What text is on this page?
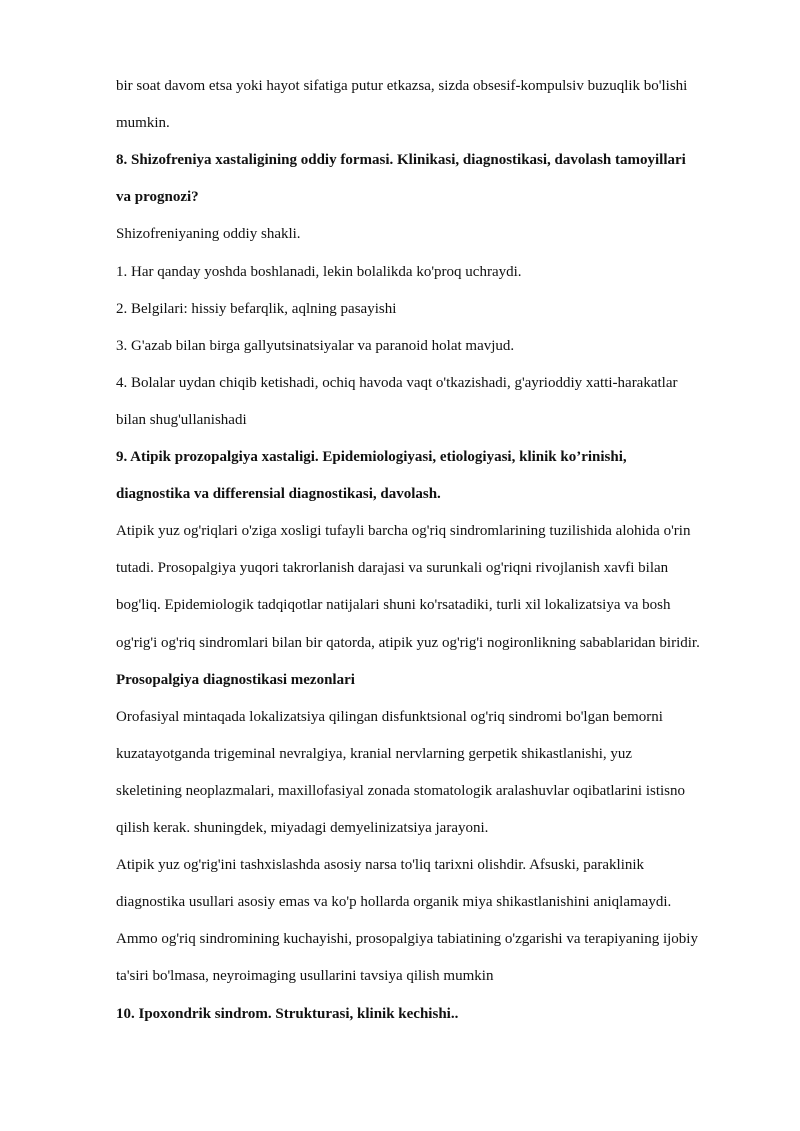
bir soat davom etsa yoki hayot sifatiga putur etkazsa, sizda obsesif-kompulsiv buzuqlik bo'lishi

mumkin.

8. Shizofreniya xastaligining oddiy formasi. Klinikasi, diagnostikasi, davolash tamoyillari

va prognozi?

Shizofreniyaning oddiy shakli.

1. Har qanday yoshda boshlanadi, lekin bolalikda ko'proq uchraydi.

2. Belgilari: hissiy befarqlik, aqlning pasayishi

3. G'azab bilan birga gallyutsinatsiyalar va paranoid holat mavjud.

4. Bolalar uydan chiqib ketishadi, ochiq havoda vaqt o'tkazishadi, g'ayrioddiy xatti-harakatlar

bilan shug'ullanishadi

9. Atipik prozopalgiya xastaligi. Epidemiologiyasi, etiologiyasi, klinik ko’rinishi,

diagnostika va differensial diagnostikasi, davolash.

Atipik yuz og'riqlari o'ziga xosligi tufayli barcha og'riq sindromlarining tuzilishida alohida o'rin

tutadi. Prosopalgiya yuqori takrorlanish darajasi va surunkali og'riqni rivojlanish xavfi bilan

bog'liq. Epidemiologik tadqiqotlar natijalari shuni ko'rsatadiki, turli xil lokalizatsiya va bosh

og'rig'i og'riq sindromlari bilan bir qatorda, atipik yuz og'rig'i nogironlikning sabablaridan biridir.

Prosopalgiya diagnostikasi mezonlari

Orofasiyal mintaqada lokalizatsiya qilingan disfunktsional og'riq sindromi bo'lgan bemorni

kuzatayotganda trigeminal nevralgiya, kranial nervlarning gerpetik shikastlanishi, yuz

skeletining neoplazmalari, maxillofasiyal zonada stomatologik aralashuvlar oqibatlarini istisno

qilish kerak. shuningdek, miyadagi demyelinizatsiya jarayoni.

Atipik yuz og'rig'ini tashxislashda asosiy narsa to'liq tarixni olishdir. Afsuski, paraklinik

diagnostika usullari asosiy emas va ko'p hollarda organik miya shikastlanishini aniqlamaydi.

Ammo og'riq sindromining kuchayishi, prosopalgiya tabiatining o'zgarishi va terapiyaning ijobiy

ta'siri bo'lmasa, neyroimaging usullarini tavsiya qilish mumkin

10. Ipoxondrik sindrom. Strukturasi, klinik kechishi..
